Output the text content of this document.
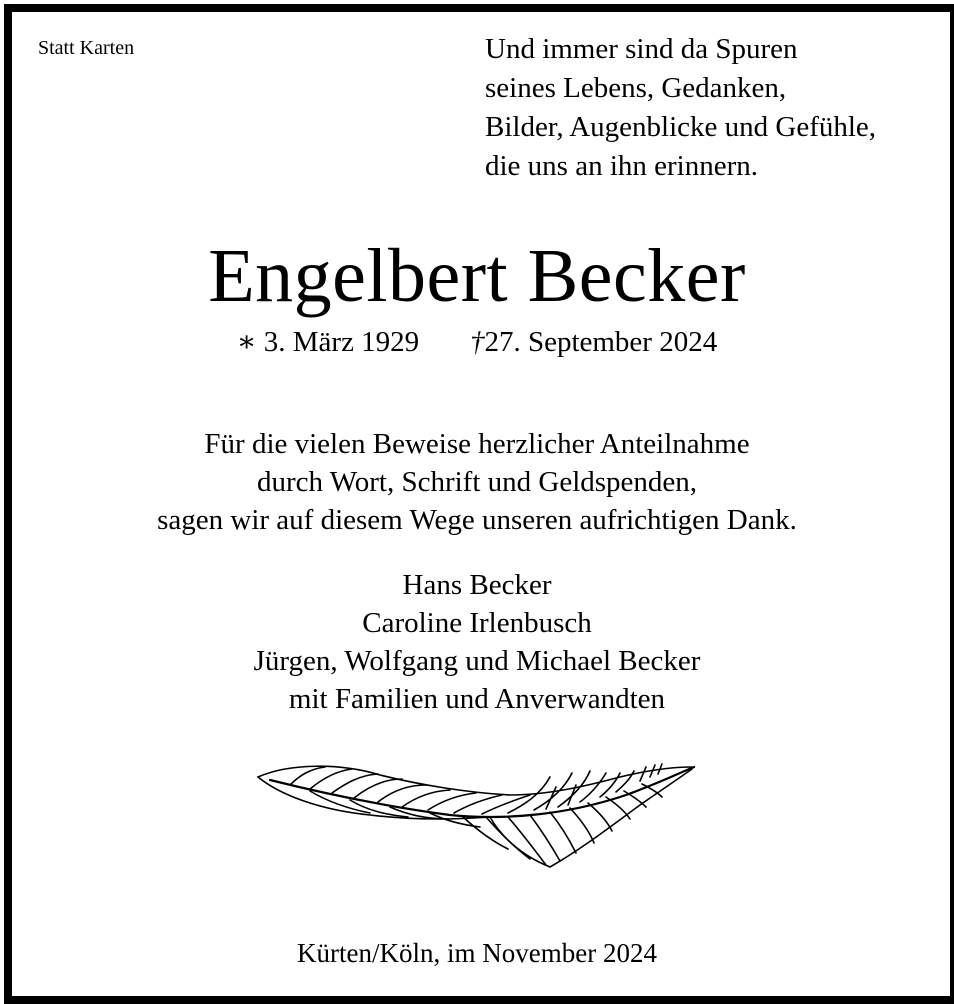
Statt Karten	Und immer sind da Spuren
seines Lebens, Gedanken,
Bilder, Augenblicke und Gefühle,
die uns an ihn erinnern.
Engelbert Becker
∗ 3. März 1929 †27. September 2024
Für die vielen Beweise herzlicher Anteilnahme
durch Wort, Schrift und Geldspenden,
sagen wir auf diesem Wege unseren aufrichtigen Dank.
Hans Becker
Caroline Irlenbusch
Jürgen, Wolfgang und Michael Becker
mit Familien und Anverwandten
Kürten/Köln, im November 2024
